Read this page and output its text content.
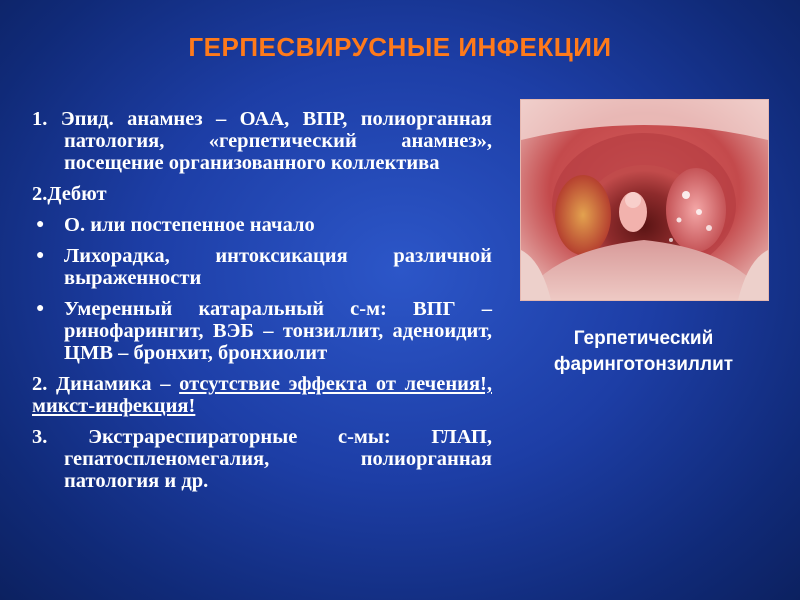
ГЕРПЕСВИРУСНЫЕ ИНФЕКЦИИ

1. Эпид. анамнез – ОАА, ВПР, полиорганная патология, «герпетический анамнез», посещение организованного коллектива

2.Дебют

● О. или постепенное начало
● Лихорадка, интоксикация различной выраженности
● Умеренный катаральный с-м: ВПГ – ринофарингит, ВЭБ – тонзиллит, аденоидит, ЦМВ – бронхит, бронхиолит

2. Динамика – отсутствие эффекта от лечения!, микст-инфекция!

3. Экстрареспираторные с-мы: ГЛАП, гепатоспленомегалия, полиорганная патология и др.

Герпетический
фаринготонзиллит
